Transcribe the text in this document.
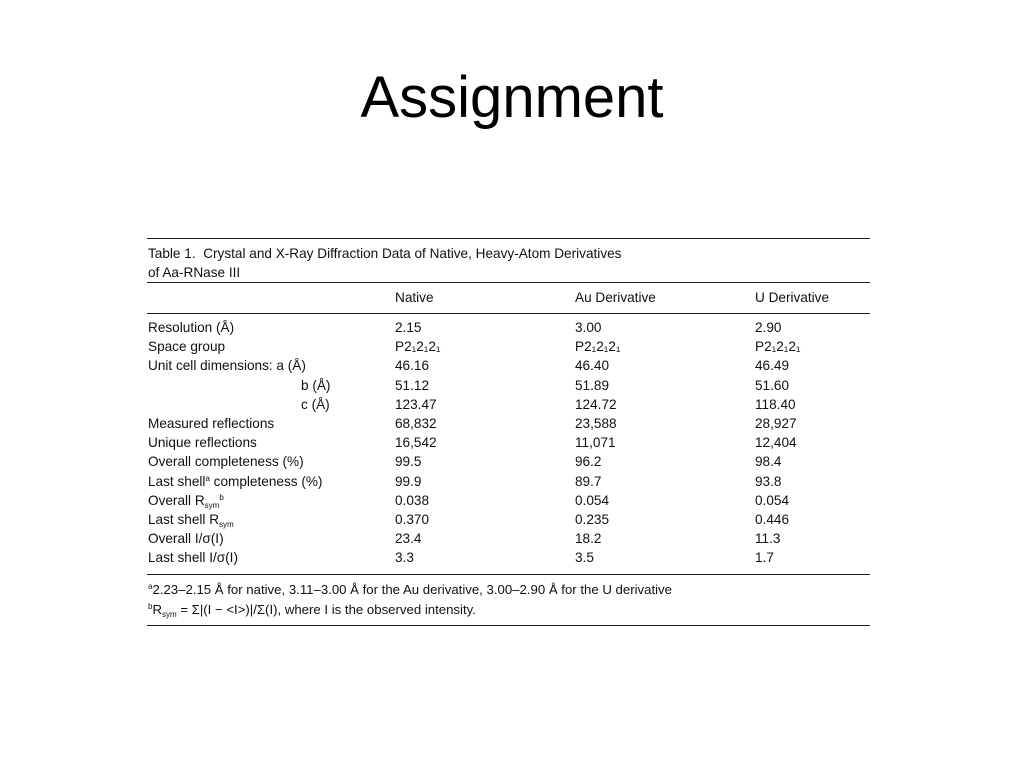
Assignment
Table 1. Crystal and X-Ray Diffraction Data of Native, Heavy-Atom Derivatives
of Aa-RNase III
Native	Au Derivative	U Derivative
Resolution (Å)	2.15	3.00	2.90
Space group	P2₁2₁2₁	P2₁2₁2₁	P2₁2₁2₁
Unit cell dimensions: a (Å)	46.16	46.40	46.49
b (Å)	51.12	51.89	51.60
c (Å)	123.47	124.72	118.40
Measured reflections	68,832	23,588	28,927
Unique reflections	16,542	11,071	12,404
Overall completeness (%)	99.5	96.2	98.4
Last shell$^a$ completeness (%)	99.9	89.7	93.8
Overall $R_{sym}^b$	0.038	0.054	0.054
Last shell $R_{sym}$	0.370	0.235	0.446
Overall I/σ(I)	23.4	18.2	11.3
Last shell I/σ(I)	3.3	3.5	1.7
$^a$2.23–2.15 Å for native, 3.11–3.00 Å for the Au derivative, 3.00–2.90 Å for the U derivative
$^bR_{sym} = \Sigma|(I - <I>)|/\Sigma(I)$, where I is the observed intensity.
